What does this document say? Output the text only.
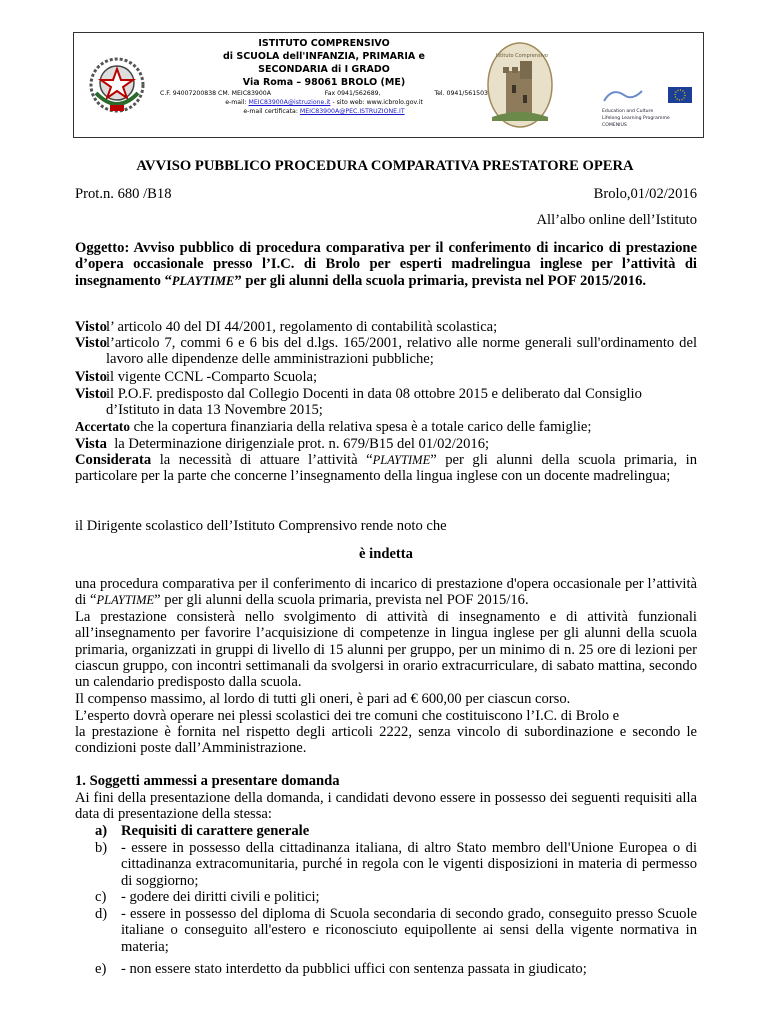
ISTITUTO COMPRENSIVO
di SCUOLA dell'INFANZIA, PRIMARIA e
SECONDARIA di I GRADO
Via Roma – 98061 BROLO (ME)
C.F. 94007200838 CM. MEIC83900A	Fax 0941/562689,	Tel. 0941/561503
e-mail: MEIC83900A@istruzione.it - sito web: www.icbrolo.gov.it
e-mail certificata: MEIC83900A@PEC.ISTRUZIONE.IT
Istituto Comprensivo
Education and Culture
Lifelong Learning Programme
COMENIUS
AVVISO PUBBLICO PROCEDURA COMPARATIVA PRESTATORE OPERA
Prot.n. 680 /B18	Brolo,01/02/2016
All’albo online dell’Istituto
Oggetto: Avviso pubblico di procedura comparativa per il conferimento di incarico di prestazione d’opera occasionale presso l’I.C. di Brolo per esperti madrelingua inglese per l’attività di insegnamento “PLAYTIME” per gli alunni della scuola primaria, prevista nel POF 2015/2016.
Visto l’ articolo 40 del DI 44/2001, regolamento di contabilità scolastica;
Visto l’articolo 7, commi 6 e 6 bis del d.lgs. 165/2001, relativo alle norme generali sull'ordinamento del lavoro alle dipendenze delle amministrazioni pubbliche;
Visto il vigente CCNL -Comparto Scuola;
Visto il P.O.F. predisposto dal Collegio Docenti in data 08 ottobre 2015 e deliberato dal Consiglio d’Istituto in data 13 Novembre 2015;
Accertato che la copertura finanziaria della relativa spesa è a totale carico delle famiglie;
Vista la Determinazione dirigenziale prot. n. 679/B15 del 01/02/2016;
Considerata la necessità di attuare l’attività “PLAYTIME” per gli alunni della scuola primaria, in particolare per la parte che concerne l’insegnamento della lingua inglese con un docente madrelingua;
il Dirigente scolastico dell’Istituto Comprensivo rende noto che
è indetta
una procedura comparativa per il conferimento di incarico di prestazione d'opera occasionale per l’attività di “PLAYTIME” per gli alunni della scuola primaria, prevista nel POF 2015/16.
La prestazione consisterà nello svolgimento di attività di insegnamento e di attività funzionali all’insegnamento per favorire l’acquisizione di competenze in lingua inglese per gli alunni della scuola primaria, organizzati in gruppi di livello di 15 alunni per gruppo, per un minimo di n. 25 ore di lezioni per ciascun gruppo, con incontri settimanali da svolgersi in orario extracurriculare, di sabato mattina, secondo un calendario predisposto dalla scuola.
Il compenso massimo, al lordo di tutti gli oneri, è pari ad € 600,00 per ciascun corso.
L’esperto dovrà operare nei plessi scolastici dei tre comuni che costituiscono l’I.C. di Brolo e
la prestazione è fornita nel rispetto degli articoli 2222, senza vincolo di subordinazione e secondo le condizioni poste dall’Amministrazione.
1. Soggetti ammessi a presentare domanda
Ai fini della presentazione della domanda, i candidati devono essere in possesso dei seguenti requisiti alla data di presentazione della stessa:
a) Requisiti di carattere generale
b) - essere in possesso della cittadinanza italiana, di altro Stato membro dell'Unione Europea o di cittadinanza extracomunitaria, purché in regola con le vigenti disposizioni in materia di permesso di soggiorno;
c)	- godere dei diritti civili e politici;
d) - essere in possesso del diploma di Scuola secondaria di secondo grado, conseguito presso Scuole italiane o conseguito all'estero e riconosciuto equipollente ai sensi della vigente normativa in materia;
e)	- non essere stato interdetto da pubblici uffici con sentenza passata in giudicato;
